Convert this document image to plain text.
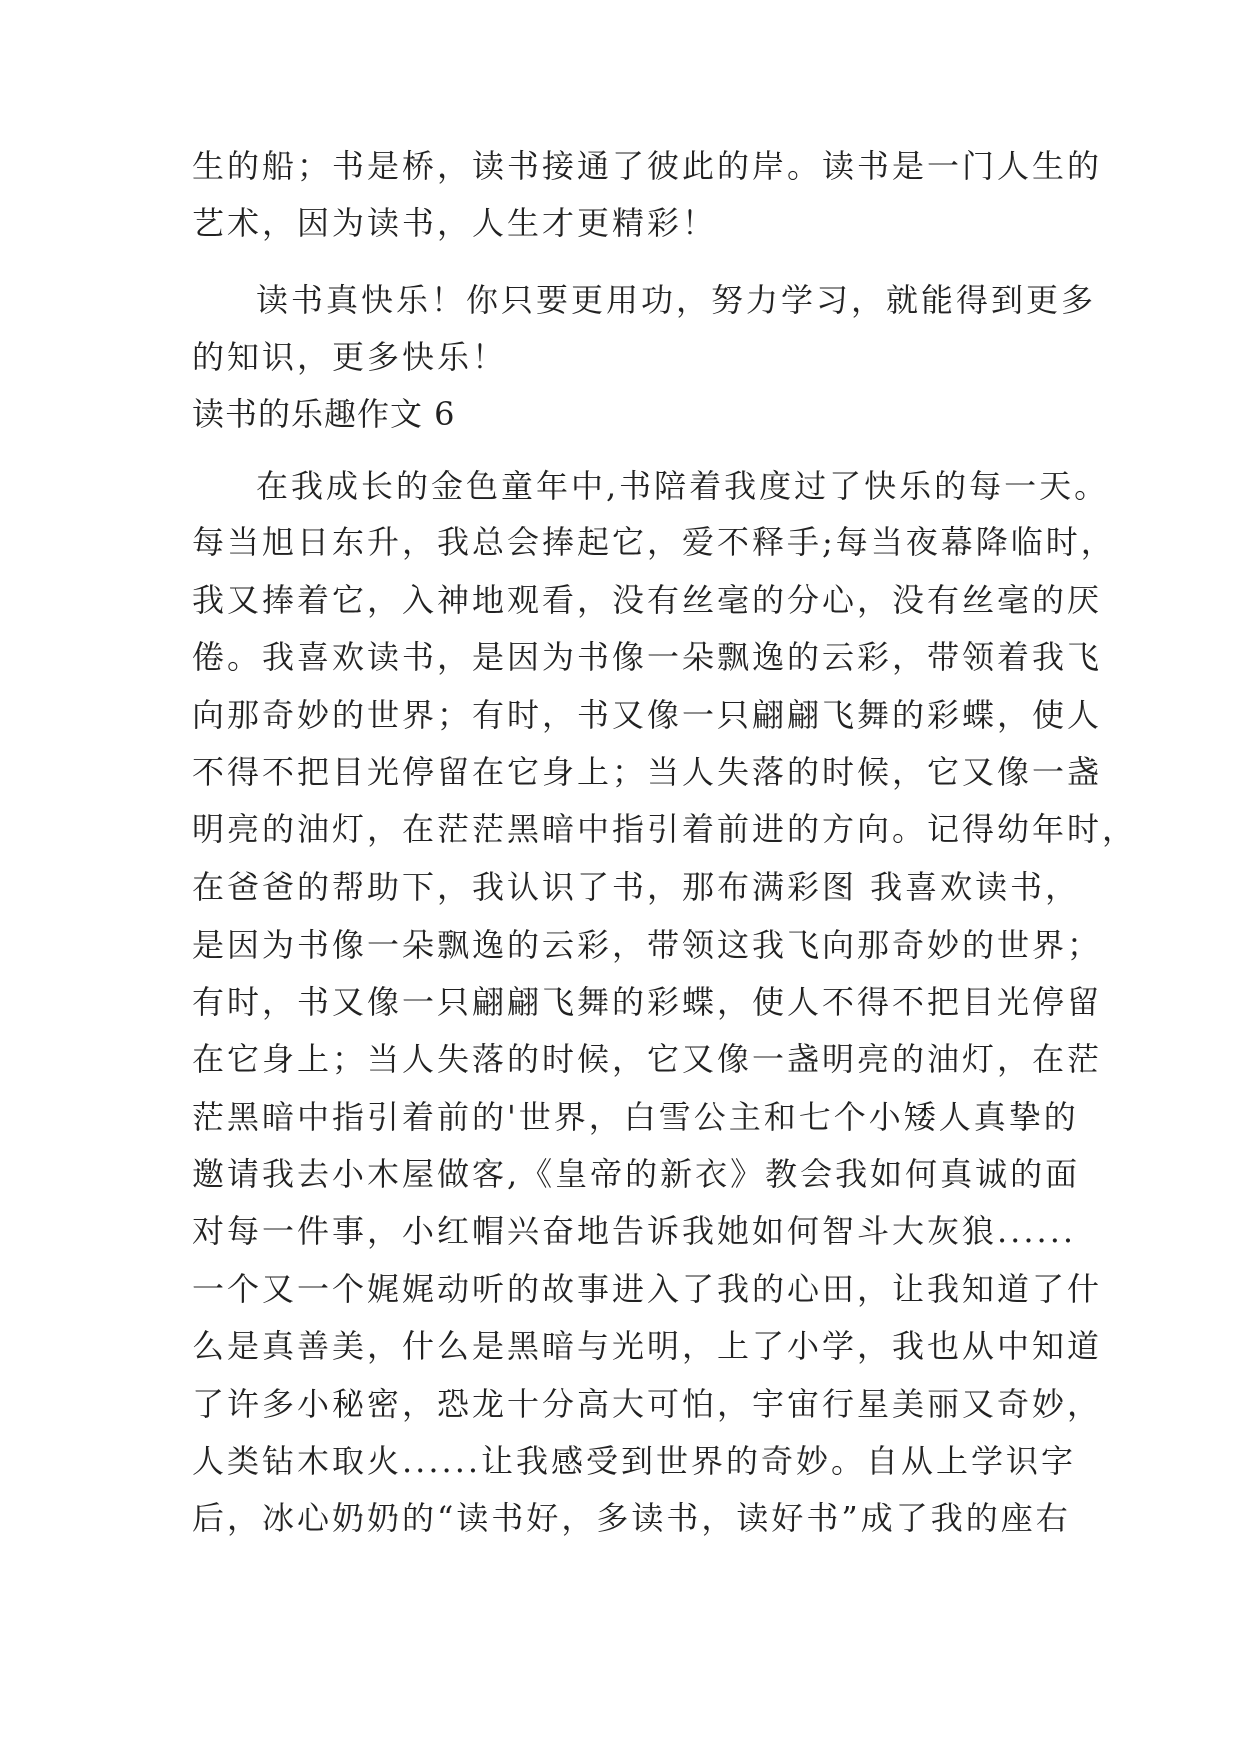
生的船；书是桥，读书接通了彼此的岸。读书是一门人生的
艺术，因为读书，人生才更精彩！
读书真快乐！你只要更用功，努力学习，就能得到更多
的知识，更多快乐！
读书的乐趣作文 6
在我成长的金色童年中,书陪着我度过了快乐的每一天。
每当旭日东升，我总会捧起它，爱不释手;每当夜幕降临时，
我又捧着它，入神地观看，没有丝毫的分心，没有丝毫的厌
倦。我喜欢读书，是因为书像一朵飘逸的云彩，带领着我飞
向那奇妙的世界；有时，书又像一只翩翩飞舞的彩蝶，使人
不得不把目光停留在它身上；当人失落的时候，它又像一盏
明亮的油灯，在茫茫黑暗中指引着前进的方向。记得幼年时，
在爸爸的帮助下，我认识了书，那布满彩图 我喜欢读书，
是因为书像一朵飘逸的云彩，带领这我飞向那奇妙的世界；
有时，书又像一只翩翩飞舞的彩蝶，使人不得不把目光停留
在它身上；当人失落的时候，它又像一盏明亮的油灯，在茫
茫黑暗中指引着前的'世界，白雪公主和七个小矮人真挚的
邀请我去小木屋做客,《皇帝的新衣》教会我如何真诚的面
对每一件事，小红帽兴奋地告诉我她如何智斗大灰狼......
一个又一个娓娓动听的故事进入了我的心田，让我知道了什
么是真善美，什么是黑暗与光明，上了小学，我也从中知道
了许多小秘密，恐龙十分高大可怕，宇宙行星美丽又奇妙，
人类钻木取火......让我感受到世界的奇妙。自从上学识字
后，冰心奶奶的“读书好，多读书，读好书”成了我的座右
